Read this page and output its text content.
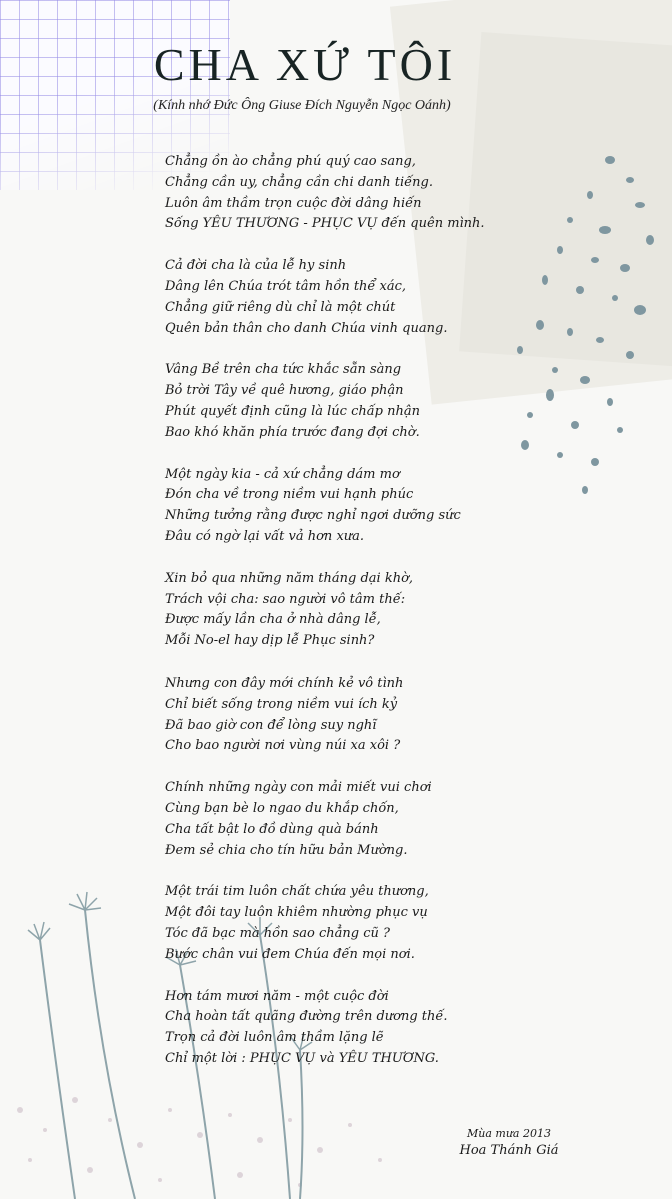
CHA XỨ TÔI
(Kính nhớ Đức Ông Giuse Đích Nguyễn Ngọc Oánh)
Chẳng ồn ào chẳng phú quý cao sang,
Chẳng cần uy, chẳng cần chi danh tiếng.
Luôn âm thầm trọn cuộc đời dâng hiến
Sống YÊU THƯƠNG - PHỤC VỤ đến quên mình.
Cả đời cha là của lễ hy sinh
Dâng lên Chúa trót tâm hồn thể xác,
Chẳng giữ riêng dù chỉ là một chút
Quên bản thân cho danh Chúa vinh quang.
Vâng Bề trên cha tức khắc sẵn sàng
Bỏ trời Tây về quê hương, giáo phận
Phút quyết định cũng là lúc chấp nhận
Bao khó khăn phía trước đang đợi chờ.
Một ngày kia - cả xứ chẳng dám mơ
Đón cha về trong niềm vui hạnh phúc
Những tưởng rằng được nghỉ ngơi dưỡng sức
Đâu có ngờ lại vất vả hơn xưa.
Xin bỏ qua những năm tháng dại khờ,
Trách vội cha: sao người vô tâm thế:
Được mấy lần cha ở nhà dâng lễ,
Mỗi No-el hay dịp lễ Phục sinh?
Nhưng con đây mới chính kẻ vô tình
Chỉ biết sống trong niềm vui ích kỷ
Đã bao giờ con để lòng suy nghĩ
Cho bao người nơi vùng núi xa xôi ?
Chính những ngày con mải miết vui chơi
Cùng bạn bè lo ngao du khắp chốn,
Cha tất bật lo đồ dùng quà bánh
Đem sẻ chia cho tín hữu bản Mường.
Một trái tim luôn chất chứa yêu thương,
Một đôi tay luôn khiêm nhường phục vụ
Tóc đã bạc mà hồn sao chẳng cũ ?
Bước chân vui đem Chúa đến mọi nơi.
Hơn tám mươi năm - một cuộc đời
Cha hoàn tất quãng đường trên dương thế.
Trọn cả đời luôn âm thầm lặng lẽ
Chỉ một lời : PHỤC VỤ và YÊU THƯƠNG.
Mùa mưa 2013
Hoa Thánh Giá
